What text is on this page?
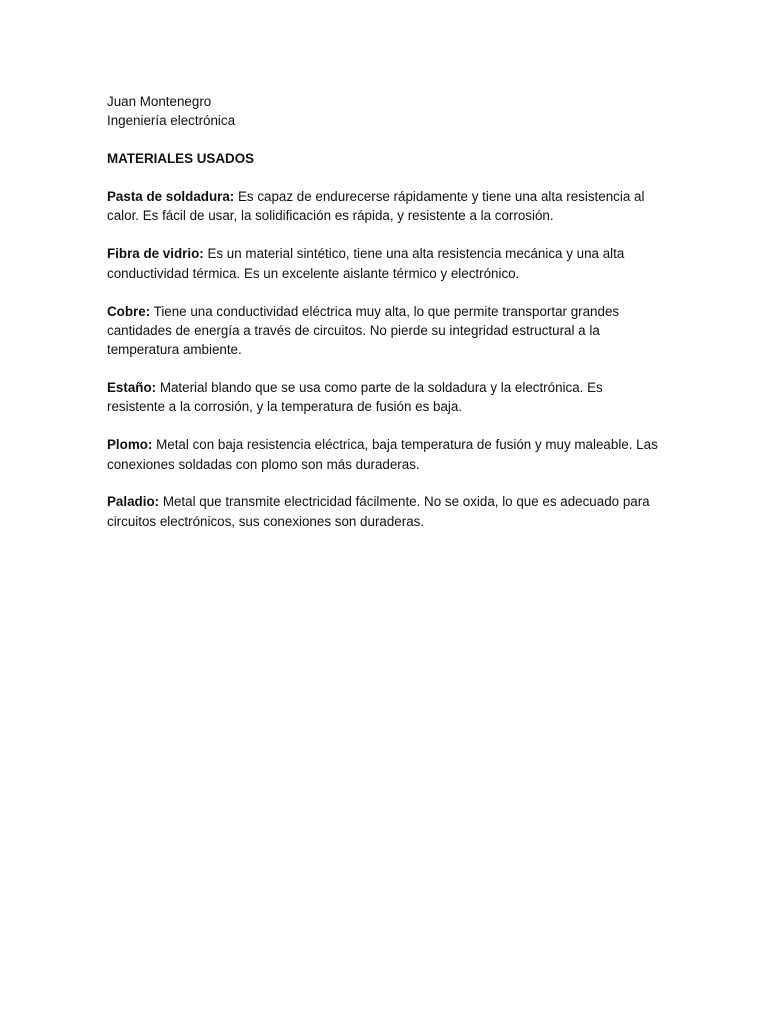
Juan Montenegro
Ingeniería electrónica
MATERIALES USADOS

Pasta de soldadura: Es capaz de endurecerse rápidamente y tiene una alta resistencia al calor. Es fácil de usar, la solidificación es rápida, y resistente a la corrosión.

Fibra de vidrio: Es un material sintético, tiene una alta resistencia mecánica y una alta conductividad térmica. Es un excelente aislante térmico y electrónico.

Cobre: Tiene una conductividad eléctrica muy alta, lo que permite transportar grandes cantidades de energía a través de circuitos. No pierde su integridad estructural a la temperatura ambiente.

Estaño: Material blando que se usa como parte de la soldadura y la electrónica. Es resistente a la corrosión, y la temperatura de fusión es baja.

Plomo: Metal con baja resistencia eléctrica, baja temperatura de fusión y muy maleable. Las conexiones soldadas con plomo son más duraderas.

Paladio: Metal que transmite electricidad fácilmente. No se oxida, lo que es adecuado para circuitos electrónicos, sus conexiones son duraderas.
